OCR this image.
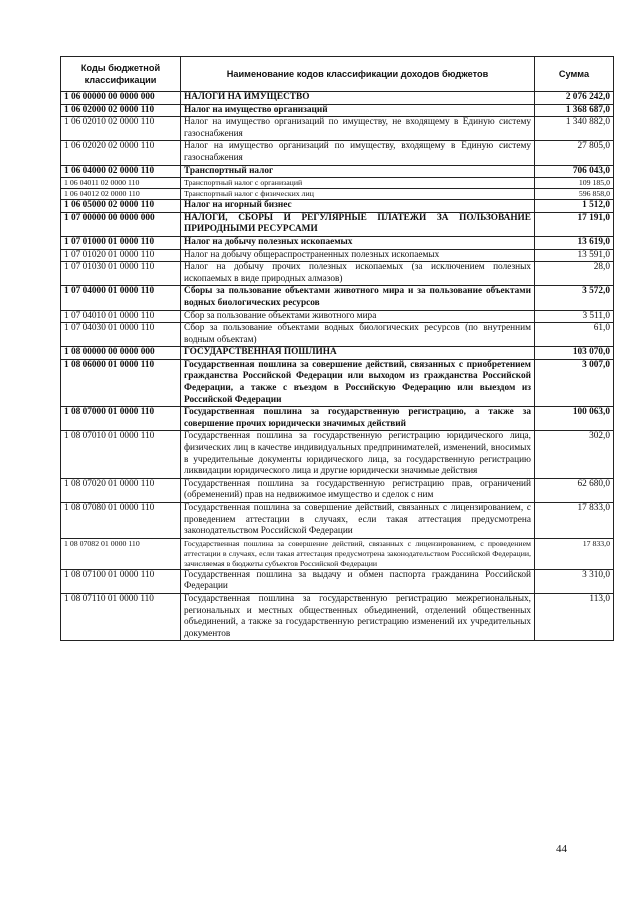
Коды бюджетной классификации	Наименование кодов классификации доходов бюджетов	Сумма
1 06 00000 00 0000 000	НАЛОГИ НА ИМУЩЕСТВО	2 076 242,0
1 06 02000 02 0000 110	Налог на имущество организаций	1 368 687,0
1 06 02010 02 0000 110	Налог на имущество организаций по имуществу, не входящему в Единую систему газоснабжения	1 340 882,0
1 06 02020 02 0000 110	Налог на имущество организаций по имуществу, входящему в Единую систему газоснабжения	27 805,0
1 06 04000 02 0000 110	Транспортный налог	706 043,0
1 06 04011 02 0000 110	Транспортный налог с организаций	109 185,0
1 06 04012 02 0000 110	Транспортный налог с физических лиц	596 858,0
1 06 05000 02 0000 110	Налог на игорный бизнес	1 512,0
1 07 00000 00 0000 000	НАЛОГИ, СБОРЫ И РЕГУЛЯРНЫЕ ПЛАТЕЖИ ЗА ПОЛЬЗОВАНИЕ ПРИРОДНЫМИ РЕСУРСАМИ	17 191,0
1 07 01000 01 0000 110	Налог на добычу полезных ископаемых	13 619,0
1 07 01020 01 0000 110	Налог на добычу общераспространенных полезных ископаемых	13 591,0
1 07 01030 01 0000 110	Налог на добычу прочих полезных ископаемых (за исключением полезных ископаемых в виде природных алмазов)	28,0
1 07 04000 01 0000 110	Сборы за пользование объектами животного мира и за пользование объектами водных биологических ресурсов	3 572,0
1 07 04010 01 0000 110	Сбор за пользование объектами животного мира	3 511,0
1 07 04030 01 0000 110	Сбор за пользование объектами водных биологических ресурсов (по внутренним водным объектам)	61,0
1 08 00000 00 0000 000	ГОСУДАРСТВЕННАЯ ПОШЛИНА	103 070,0
1 08 06000 01 0000 110	Государственная пошлина за совершение действий, связанных с приобретением гражданства Российской Федерации или выходом из гражданства Российской Федерации, а также с въездом в Российскую Федерацию или выездом из Российской Федерации	3 007,0
1 08 07000 01 0000 110	Государственная пошлина за государственную регистрацию, а также за совершение прочих юридически значимых действий	100 063,0
1 08 07010 01 0000 110	Государственная пошлина за государственную регистрацию юридического лица, физических лиц в качестве индивидуальных предпринимателей, изменений, вносимых в учредительные документы юридического лица, за государственную регистрацию ликвидации юридического лица и другие юридически значимые действия	302,0
1 08 07020 01 0000 110	Государственная пошлина за государственную регистрацию прав, ограничений (обременений) прав на недвижимое имущество и сделок с ним	62 680,0
1 08 07080 01 0000 110	Государственная пошлина за совершение действий, связанных с лицензированием, с проведением аттестации в случаях, если такая аттестация предусмотрена законодательством Российской Федерации	17 833,0
1 08 07082 01 0000 110	Государственная пошлина за совершение действий, связанных с лицензированием, с проведением аттестации в случаях, если такая аттестация предусмотрена законодательством Российской Федерации, зачисляемая в бюджеты субъектов Российской Федерации	17 833,0
1 08 07100 01 0000 110	Государственная пошлина за выдачу и обмен паспорта гражданина Российской Федерации	3 310,0
1 08 07110 01 0000 110	Государственная пошлина за государственную регистрацию межрегиональных, региональных и местных общественных объединений, отделений общественных объединений, а также за государственную регистрацию изменений их учредительных документов	113,0
44
